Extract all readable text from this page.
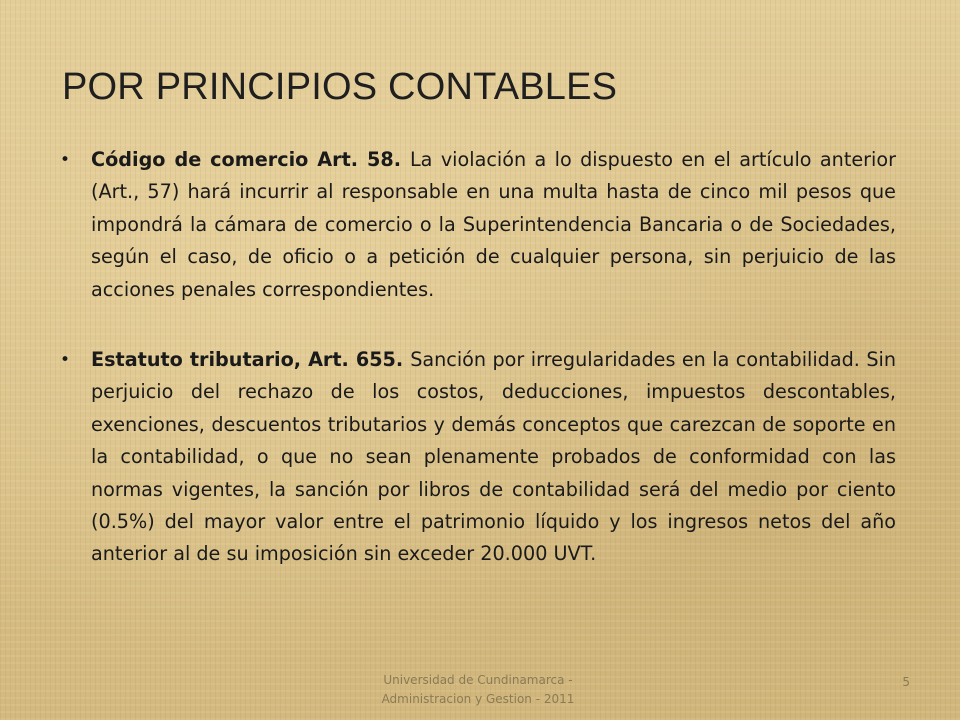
POR PRINCIPIOS CONTABLES
• Código de comercio Art. 58. La violación a lo dispuesto en el artículo anterior (Art., 57) hará incurrir al responsable en una multa hasta de cinco mil pesos que impondrá la cámara de comercio o la Superintendencia Bancaria o de Sociedades, según el caso, de oficio o a petición de cualquier persona, sin perjuicio de las acciones penales correspondientes.
• Estatuto tributario, Art. 655. Sanción por irregularidades en la contabilidad. Sin perjuicio del rechazo de los costos, deducciones, impuestos descontables, exenciones, descuentos tributarios y demás conceptos que carezcan de soporte en la contabilidad, o que no sean plenamente probados de conformidad con las normas vigentes, la sanción por libros de contabilidad será del medio por ciento (0.5%) del mayor valor entre el patrimonio líquido y los ingresos netos del año anterior al de su imposición sin exceder 20.000 UVT.
Universidad de Cundinamarca -
Administracion y Gestion - 2011
5
